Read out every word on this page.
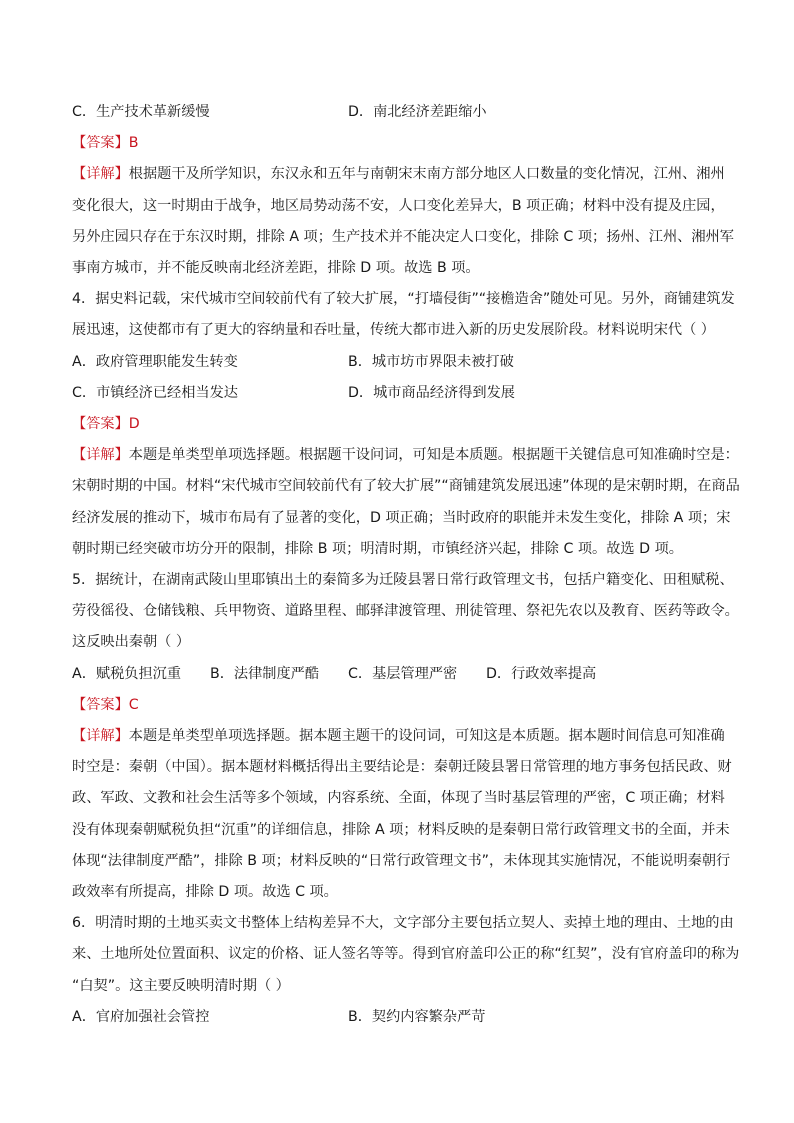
C．生产技术革新缓慢	D．南北经济差距缩小
【答案】 B
【详解】 根据题干及所学知识，东汉永和五年与南朝宋末南方部分地区人口数量的变化情况，江州、湘州
变化很大，这一时期由于战争，地区局势动荡不安，人口变化差异大，B 项正确；材料中没有提及庄园，
另外庄园只存在于东汉时期，排除 A 项；生产技术并不能决定人口变化，排除 C 项；扬州、江州、湘州军
事南方城市，并不能反映南北经济差距，排除 D 项。故选 B 项。
4．据史料记载，宋代城市空间较前代有了较大扩展，“打墙侵街”“接檐造舍”随处可见。另外，商铺建筑发
展迅速，这使都市有了更大的容纳量和吞吐量，传统大都市进入新的历史发展阶段。材料说明宋代（ ）
A．政府管理职能发生转变	B．城市坊市界限未被打破
C．市镇经济已经相当发达	D．城市商品经济得到发展
【答案】 D
【详解】 本题是单类型单项选择题。根据题干设问词，可知是本质题。根据题干关键信息可知准确时空是：
宋朝时期的中国。材料“宋代城市空间较前代有了较大扩展”“商铺建筑发展迅速”体现的是宋朝时期，在商品
经济发展的推动下，城市布局有了显著的变化，D 项正确；当时政府的职能并未发生变化，排除 A 项；宋
朝时期已经突破市坊分开的限制，排除 B 项；明清时期，市镇经济兴起，排除 C 项。故选 D 项。
5．据统计，在湖南武陵山里耶镇出土的秦简多为迁陵县署日常行政管理文书，包括户籍变化、田租赋税、
劳役徭役、仓储钱粮、兵甲物资、道路里程、邮驿津渡管理、刑徒管理、祭祀先农以及教育、医药等政令。
这反映出秦朝（ ）
A．赋税负担沉重	B．法律制度严酷	C．基层管理严密	D．行政效率提高
【答案】 C
【详解】 本题是单类型单项选择题。据本题主题干的设问词，可知这是本质题。据本题时间信息可知准确
时空是：秦朝（中国）。据本题材料概括得出主要结论是：秦朝迁陵县署日常管理的地方事务包括民政、财
政、军政、文教和社会生活等多个领域，内容系统、全面，体现了当时基层管理的严密，C 项正确；材料
没有体现秦朝赋税负担“沉重”的详细信息，排除 A 项；材料反映的是秦朝日常行政管理文书的全面，并未
体现“法律制度严酷”，排除 B 项；材料反映的“日常行政管理文书”，未体现其实施情况，不能说明秦朝行
政效率有所提高，排除 D 项。故选 C 项。
6．明清时期的土地买卖文书整体上结构差异不大，文字部分主要包括立契人、卖掉土地的理由、土地的由
来、土地所处位置面积、议定的价格、证人签名等等。得到官府盖印公正的称“红契”，没有官府盖印的称为
“白契”。这主要反映明清时期（ ）
A．官府加强社会管控	B．契约内容繁杂严苛
